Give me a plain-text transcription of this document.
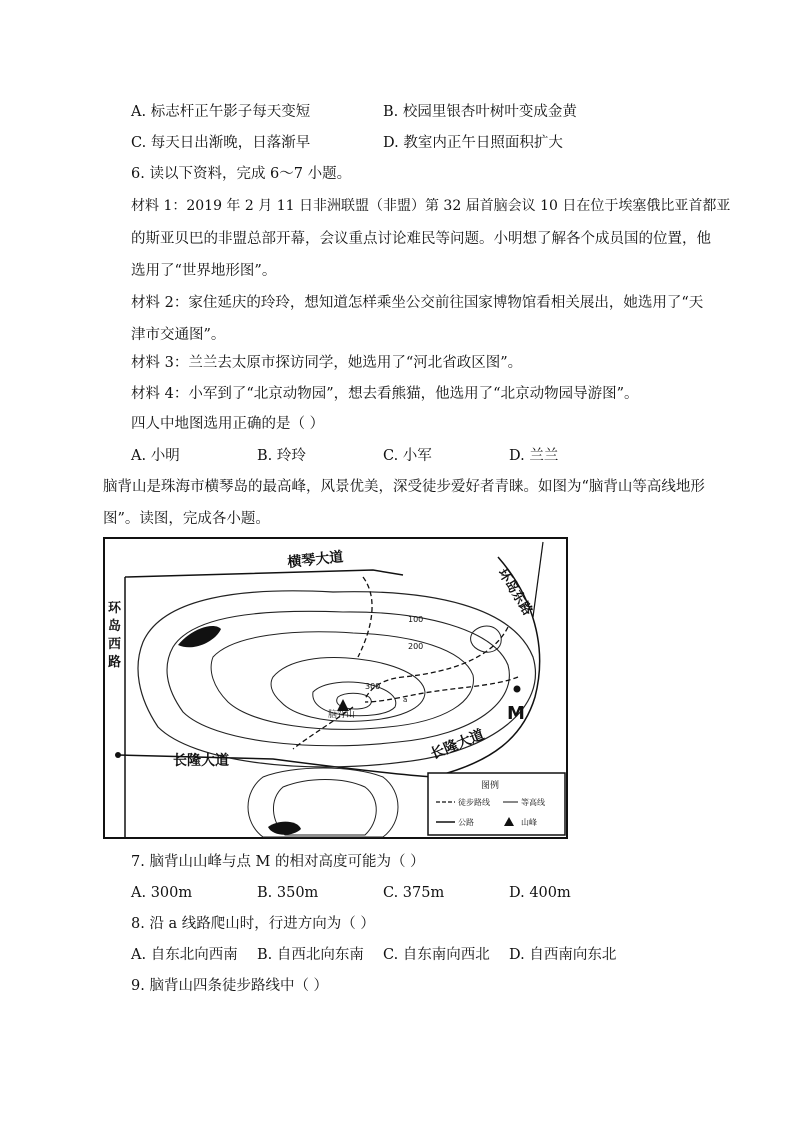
A. 标志杆正午影子每天变短	B. 校园里银杏叶树叶变成金黄
C. 每天日出渐晚，日落渐早	D. 教室内正午日照面积扩大
6. 读以下资料，完成 6～7 小题。
材料 1：2019 年 2 月 11 日非洲联盟（非盟）第 32 届首脑会议 10 日在位于埃塞俄比亚首都亚
的斯亚贝巴的非盟总部开幕，会议重点讨论难民等问题。小明想了解各个成员国的位置，他
选用了“世界地形图”。
材料 2：家住延庆的玲玲，想知道怎样乘坐公交前往国家博物馆看相关展出，她选用了“天
津市交通图”。
材料 3：兰兰去太原市探访同学，她选用了“河北省政区图”。
材料 4：小军到了“北京动物园”，想去看熊猫，他选用了“北京动物园导游图”。
四人中地图选用正确的是（ ）
A. 小明	B. 玲玲	C. 小军	D. 兰兰
脑背山是珠海市横琴岛的最高峰，风景优美，深受徒步爱好者青睐。如图为“脑背山等高线地形
图”。读图，完成各小题。
横琴大道
环岛东路
环
岛
西
路
长隆大道	长隆大道
脑背山	M
100
200
300
a
图例
徒步路线	等高线
公路	山峰
7. 脑背山山峰与点 M 的相对高度可能为（ ）
A. 300m	B. 350m	C. 375m	D. 400m
8. 沿 a 线路爬山时，行进方向为（ ）
A. 自东北向西南 B. 自西北向东南 C. 自东南向西北 D. 自西南向东北
9. 脑背山四条徒步路线中（ ）
